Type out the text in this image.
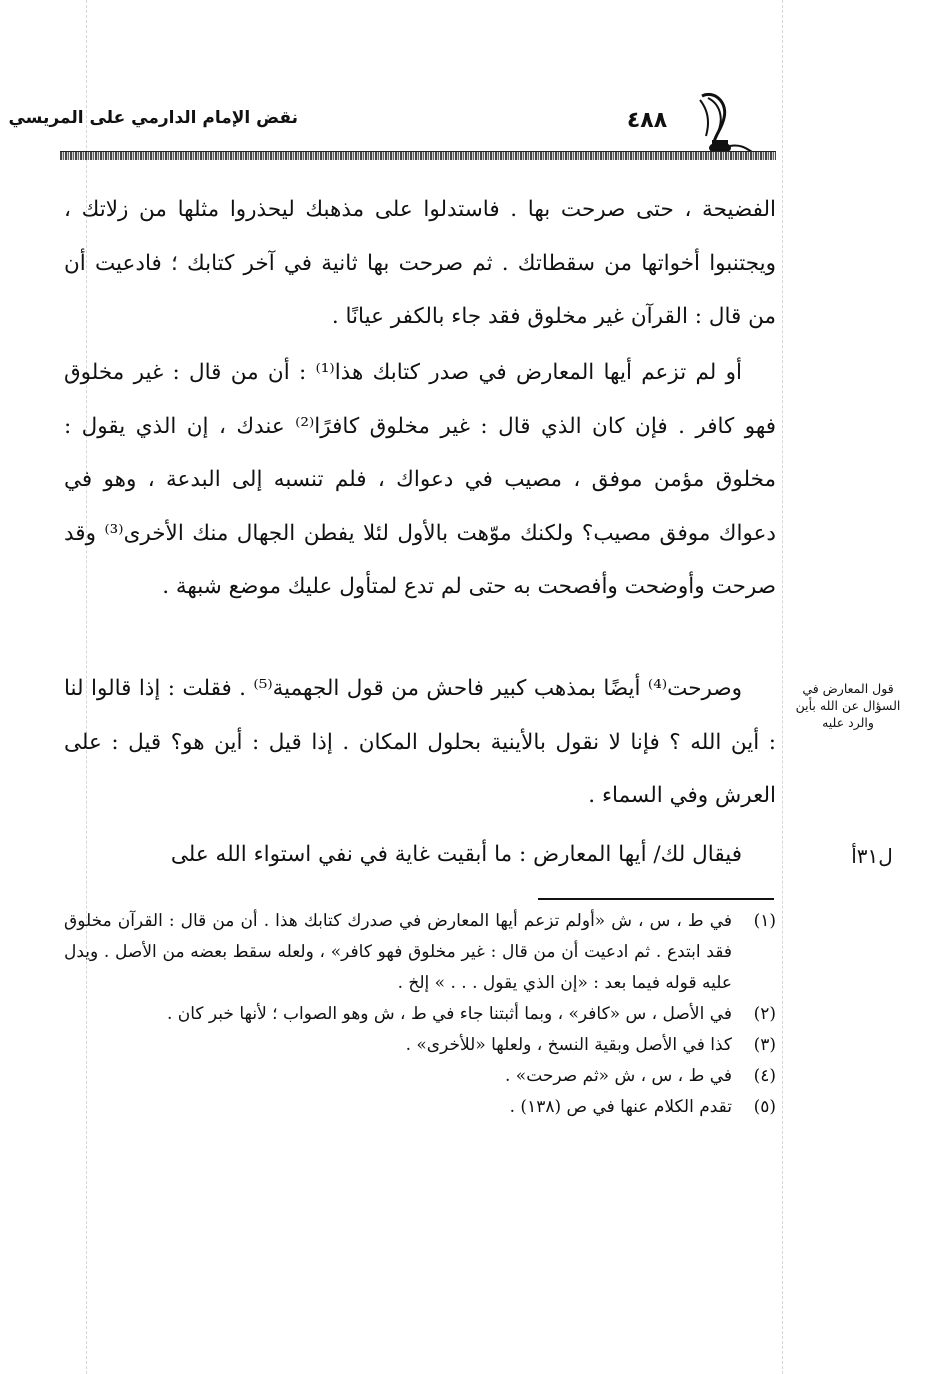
نقض الإمام الدارمي على المريسي	٤٨٨

الفضيحة ، حتى صرحت بها . فاستدلوا على مذهبك ليحذروا مثلها من زلاتك ، ويجتنبوا أخواتها من سقطاتك . ثم صرحت بها ثانية في آخر كتابك ؛ فادعيت أن من قال : القرآن غير مخلوق فقد جاء بالكفر عيانًا .

أو لم تزعم أيها المعارض في صدر كتابك هذا⁽¹⁾ : أن من قال : غير مخلوق فهو كافر . فإن كان الذي قال : غير مخلوق كافرًا⁽²⁾ عندك ، إن الذي يقول : مخلوق مؤمن موفق ، مصيب في دعواك ، فلم تنسبه إلى البدعة ، وهو في دعواك موفق مصيب؟ ولكنك موّهت بالأول لئلا يفطن الجهال منك الأخرى⁽³⁾ وقد صرحت وأوضحت وأفصحت به حتى لم تدع لمتأول عليك موضع شبهة .

وصرحت⁽⁴⁾ أيضًا بمذهب كبير فاحش من قول الجهمية⁽⁵⁾ . فقلت : إذا قالوا لنا : أين الله ؟ فإنا لا نقول بالأينية بحلول المكان . إذا قيل : أين هو؟ قيل : على العرش وفي السماء .

فيقال لك/ أيها المعارض : ما أبقيت غاية في نفي استواء الله على

قول المعارض في السؤال عن الله بأين والرد عليه
ل٣١أ
(١)
في ط ، س ، ش «أولم تزعم أيها المعارض في صدرك كتابك هذا . أن من قال : القرآن مخلوق فقد ابتدع . ثم ادعيت أن من قال : غير مخلوق فهو كافر» ، ولعله سقط بعضه من الأصل . ويدل عليه قوله فيما بعد : «إن الذي يقول . . . » إلخ .
(٢)
في الأصل ، س «كافر» ، وبما أثبتنا جاء في ط ، ش وهو الصواب ؛ لأنها خبر كان .
(٣)
كذا في الأصل وبقية النسخ ، ولعلها «للأخرى» .
(٤)
في ط ، س ، ش «ثم صرحت» .
(٥)
تقدم الكلام عنها في ص (١٣٨) .
